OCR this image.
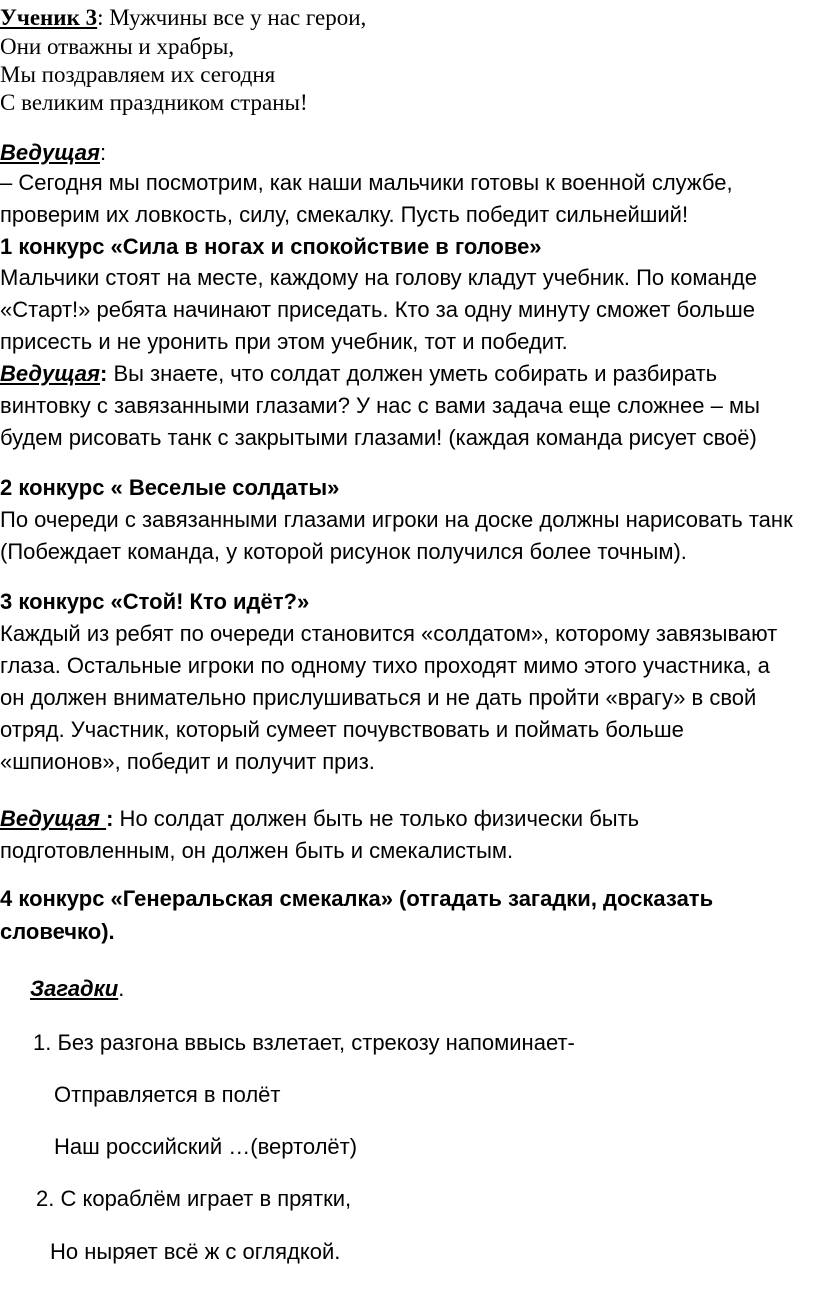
Ученик 3: Мужчины все у нас герои,
Они отважны и храбры,
Мы поздравляем их сегодня
С великим праздником страны!
Ведущая:
– Сегодня мы посмотрим, как наши мальчики готовы к военной службе,
проверим их ловкость, силу, смекалку. Пусть победит сильнейший!
1 конкурс «Сила в ногах и спокойствие в голове»
Мальчики стоят на месте, каждому на голову кладут учебник. По команде
«Старт!» ребята начинают приседать. Кто за одну минуту сможет больше
присесть и не уронить при этом учебник, тот и победит.
Ведущая: Вы знаете, что солдат должен уметь собирать и разбирать
винтовку с завязанными глазами? У нас с вами задача еще сложнее – мы
будем рисовать танк с закрытыми глазами! (каждая команда рисует своё)
2 конкурс « Веселые солдаты»
По очереди с завязанными глазами игроки на доске должны нарисовать танк
(Побеждает команда, у которой рисунок получился более точным).
3 конкурс «Стой! Кто идёт?»
Каждый из ребят по очереди становится «солдатом», которому завязывают
глаза. Остальные игроки по одному тихо проходят мимо этого участника, а
он должен внимательно прислушиваться и не дать пройти «врагу» в свой
отряд. Участник, который сумеет почувствовать и поймать больше
«шпионов», победит и получит приз.
Ведущая : Но солдат должен быть не только физически быть
подготовленным, он должен быть и смекалистым.
4 конкурс «Генеральская смекалка» (отгадать загадки, досказать
словечко).
Загадки.
1. Без разгона ввысь взлетает, стрекозу напоминает-
Отправляется в полёт
Наш российский …(вертолёт)
2. С кораблём играет в прятки,
Но ныряет всё ж с оглядкой.
